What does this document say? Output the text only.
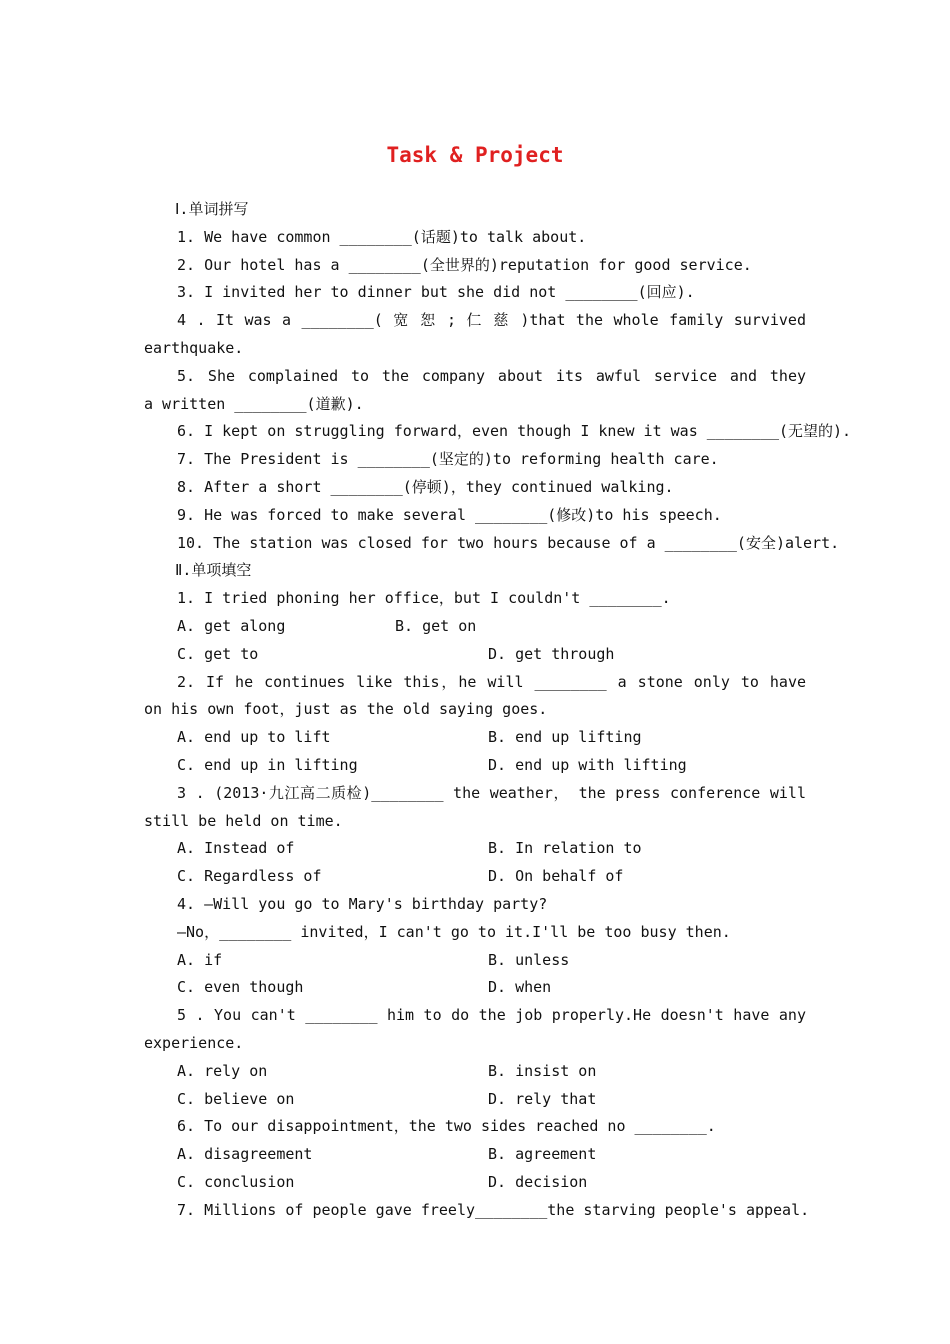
Task & Project
Ⅰ.单词拼写
1. We have common ________(话题)to talk about.
2. Our hotel has a ________(全世界的)reputation for good service.
3. I invited her to dinner but she did not ________(回应).
4 . It was a ________( 宽 恕 ; 仁 慈 )that the whole family survived
earthquake.
5. She complained to the company about its awful service and they
a written ________(道歉).
6. I kept on struggling forward，even though I knew it was ________(无望的).
7. The President is ________(坚定的)to reforming health care.
8. After a short ________(停顿)，they continued walking.
9. He was forced to make several ________(修改)to his speech.
10. The station was closed for two hours because of a ________(安全)alert.
Ⅱ.单项填空
1. I tried phoning her office，but I couldn't ________.
A. get along	B. get on
C. get to	D. get through
2. If he continues like this，he will ________ a stone only to have
on his own foot，just as the old saying goes.
A. end up to lift	B. end up lifting
C. end up in lifting	D. end up with lifting
3 . (2013·九江高二质检)________ the weather， the press conference will
still be held on time.
A. Instead of	B. In relation to
C. Regardless of	D. On behalf of
4. —Will you go to Mary's birthday party?
—No，________ invited，I can't go to it.I'll be too busy then.
A. if	B. unless
C. even though	D. when
5 . You can't ________ him to do the job properly.He doesn't have any
experience.
A. rely on	B. insist on
C. believe on	D. rely that
6. To our disappointment，the two sides reached no ________.
A. disagreement	B. agreement
C. conclusion	D. decision
7. Millions of people gave freely________the starving people's appeal.
